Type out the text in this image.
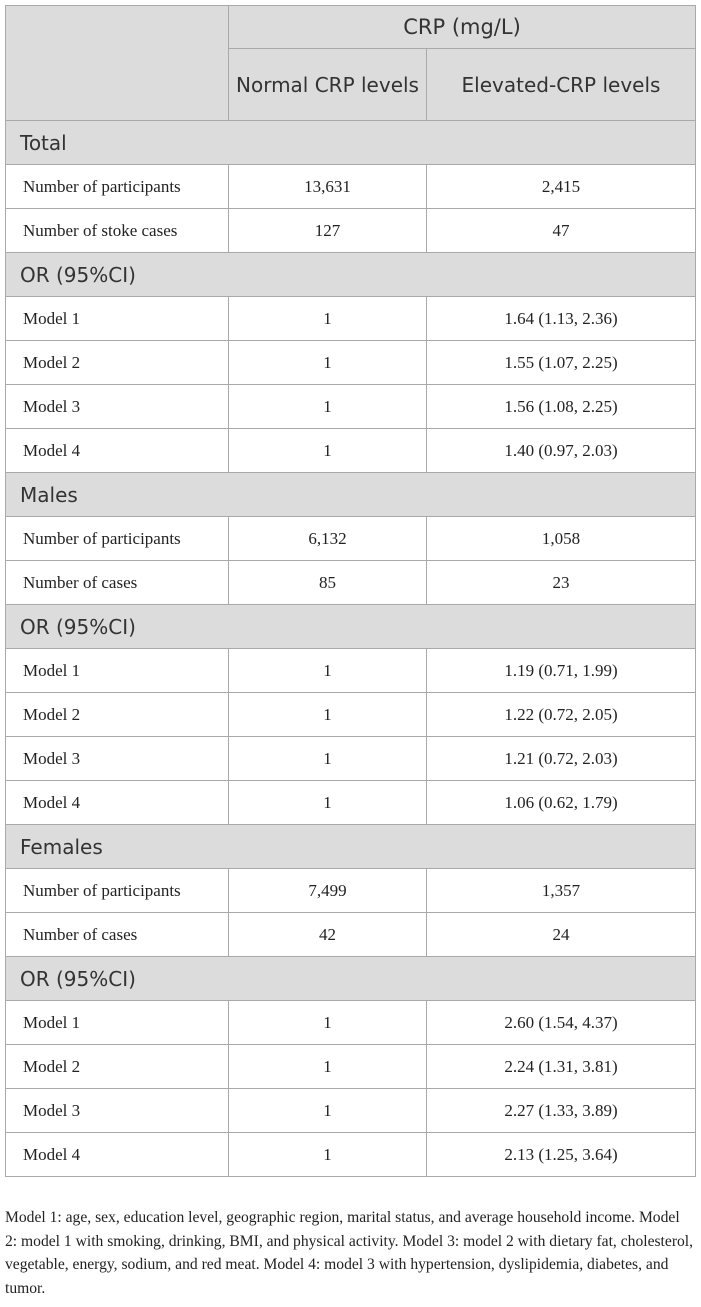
	CRP (mg/L)	
	Normal CRP levels	Elevated-CRP levels
Total		
Number of participants	13,631	2,415
Number of stoke cases	127	47
OR (95%CI)		
Model 1	1	1.64 (1.13, 2.36)
Model 2	1	1.55 (1.07, 2.25)
Model 3	1	1.56 (1.08, 2.25)
Model 4	1	1.40 (0.97, 2.03)
Males		
Number of participants	6,132	1,058
Number of cases	85	23
OR (95%CI)		
Model 1	1	1.19 (0.71, 1.99)
Model 2	1	1.22 (0.72, 2.05)
Model 3	1	1.21 (0.72, 2.03)
Model 4	1	1.06 (0.62, 1.79)
Females		
Number of participants	7,499	1,357
Number of cases	42	24
OR (95%CI)		
Model 1	1	2.60 (1.54, 4.37)
Model 2	1	2.24 (1.31, 3.81)
Model 3	1	2.27 (1.33, 3.89)
Model 4	1	2.13 (1.25, 3.64)

Model 1: age, sex, education level, geographic region, marital status, and average household income. Model 2: model 1 with smoking, drinking, BMI, and physical activity. Model 3: model 2 with dietary fat, cholesterol, vegetable, energy, sodium, and red meat. Model 4: model 3 with hypertension, dyslipidemia, diabetes, and tumor.
